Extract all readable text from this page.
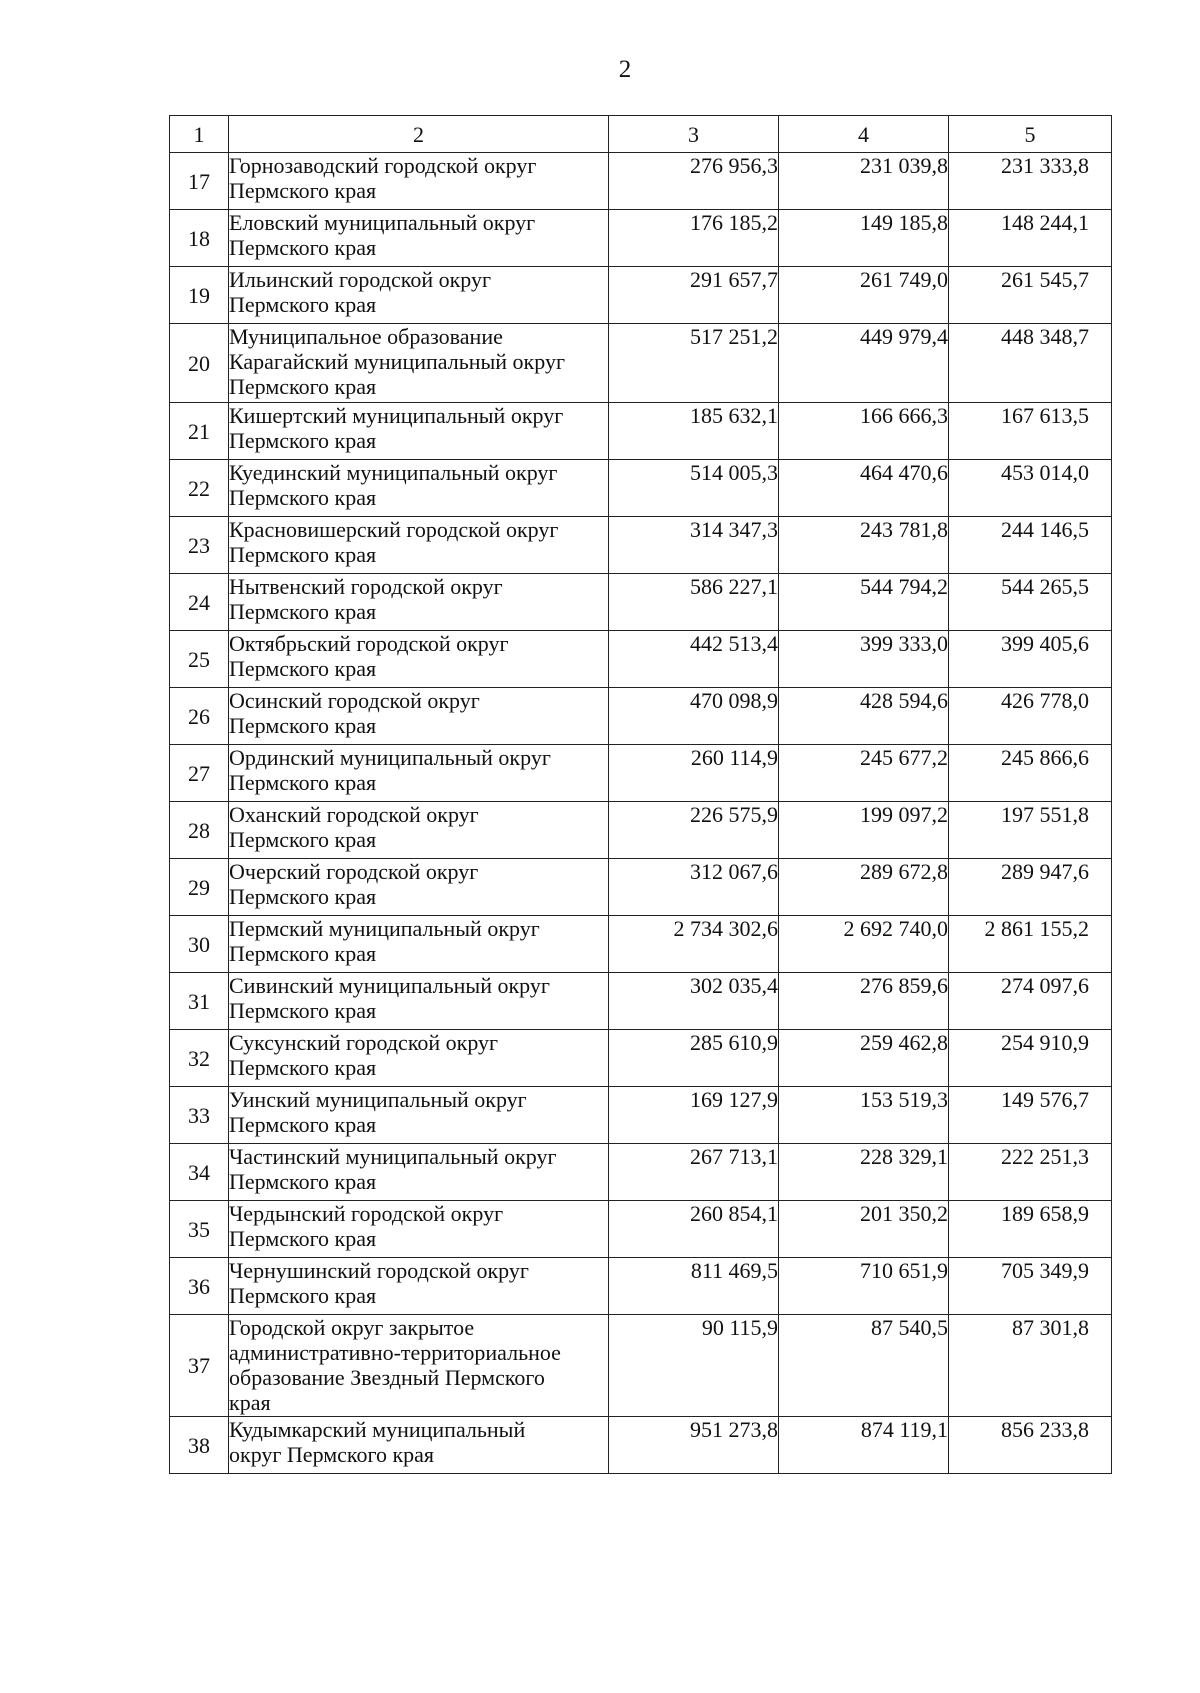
2
1	2	3	4	5
17	Горнозаводский городской округ
Пермского края	276 956,3	231 039,8	231 333,8
18	Еловский муниципальный округ
Пермского края	176 185,2	149 185,8	148 244,1
19	Ильинский городской округ
Пермского края	291 657,7	261 749,0	261 545,7
20	Муниципальное образование
Карагайский муниципальный округ
Пермского края	517 251,2	449 979,4	448 348,7
21	Кишертский муниципальный округ
Пермского края	185 632,1	166 666,3	167 613,5
22	Куединский муниципальный округ
Пермского края	514 005,3	464 470,6	453 014,0
23	Красновишерский городской округ
Пермского края	314 347,3	243 781,8	244 146,5
24	Нытвенский городской округ
Пермского края	586 227,1	544 794,2	544 265,5
25	Октябрьский городской округ
Пермского края	442 513,4	399 333,0	399 405,6
26	Осинский городской округ
Пермского края	470 098,9	428 594,6	426 778,0
27	Ординский муниципальный округ
Пермского края	260 114,9	245 677,2	245 866,6
28	Оханский городской округ
Пермского края	226 575,9	199 097,2	197 551,8
29	Очерский городской округ
Пермского края	312 067,6	289 672,8	289 947,6
30	Пермский муниципальный округ
Пермского края	2 734 302,6	2 692 740,0	2 861 155,2
31	Сивинский муниципальный округ
Пермского края	302 035,4	276 859,6	274 097,6
32	Суксунский городской округ
Пермского края	285 610,9	259 462,8	254 910,9
33	Уинский муниципальный округ
Пермского края	169 127,9	153 519,3	149 576,7
34	Частинский муниципальный округ
Пермского края	267 713,1	228 329,1	222 251,3
35	Чердынский городской округ
Пермского края	260 854,1	201 350,2	189 658,9
36	Чернушинский городской округ
Пермского края	811 469,5	710 651,9	705 349,9
37	Городской округ закрытое
административно-территориальное
образование Звездный Пермского
края	90 115,9	87 540,5	87 301,8
38	Кудымкарский муниципальный
округ Пермского края	951 273,8	874 119,1	856 233,8
